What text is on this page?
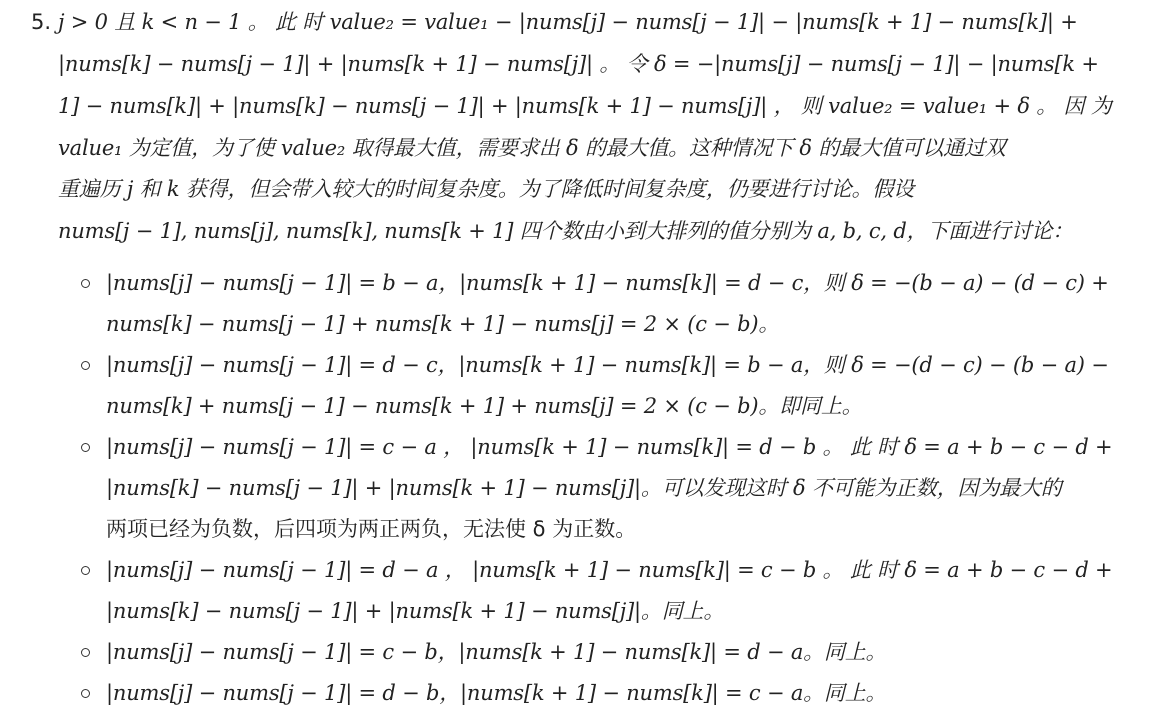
5. j > 0 且 k < n − 1 。 此 时 value₂ = value₁ − |nums[j] − nums[j − 1]| − |nums[k + 1] − nums[k]| +
|nums[k] − nums[j − 1]| + |nums[k + 1] − nums[j]| 。 令 δ = −|nums[j] − nums[j − 1]| − |nums[k +
1] − nums[k]| + |nums[k] − nums[j − 1]| + |nums[k + 1] − nums[j]| ， 则 value₂ = value₁ + δ 。 因 为
value₁ 为定值，为了使 value₂ 取得最大值，需要求出 δ 的最大值。这种情况下 δ 的最大值可以通过双
重遍历 j 和 k 获得，但会带入较大的时间复杂度。为了降低时间复杂度，仍要进行讨论。假设
nums[j − 1], nums[j], nums[k], nums[k + 1] 四个数由小到大排列的值分别为 a, b, c, d，下面进行讨论：
|nums[j] − nums[j − 1]| = b − a，|nums[k + 1] − nums[k]| = d − c，则 δ = −(b − a) − (d − c) +
nums[k] − nums[j − 1] + nums[k + 1] − nums[j] = 2 × (c − b)。
|nums[j] − nums[j − 1]| = d − c，|nums[k + 1] − nums[k]| = b − a，则 δ = −(d − c) − (b − a) −
nums[k] + nums[j − 1] − nums[k + 1] + nums[j] = 2 × (c − b)。即同上。
|nums[j] − nums[j − 1]| = c − a ， |nums[k + 1] − nums[k]| = d − b 。 此 时 δ = a + b − c − d +
|nums[k] − nums[j − 1]| + |nums[k + 1] − nums[j]|。可以发现这时 δ 不可能为正数，因为最大的
两项已经为负数，后四项为两正两负，无法使 δ 为正数。
|nums[j] − nums[j − 1]| = d − a ， |nums[k + 1] − nums[k]| = c − b 。 此 时 δ = a + b − c − d +
|nums[k] − nums[j − 1]| + |nums[k + 1] − nums[j]|。同上。
|nums[j] − nums[j − 1]| = c − b，|nums[k + 1] − nums[k]| = d − a。同上。
|nums[j] − nums[j − 1]| = d − b，|nums[k + 1] − nums[k]| = c − a。同上。
